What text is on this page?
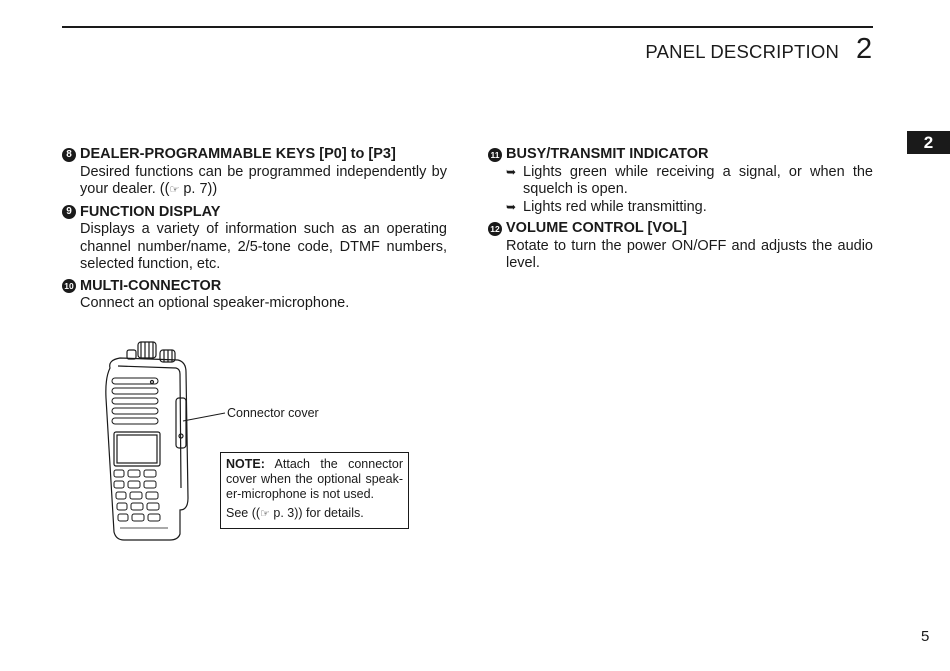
PANEL DESCRIPTION 2
2
8 DEALER-PROGRAMMABLE KEYS [P0] to [P3]
Desired functions can be programmed independently by your dealer. ((☞ p. 7))
9 FUNCTION DISPLAY
Displays a variety of information such as an operating channel number/name, 2/5-tone code, DTMF numbers, selected function, etc.
10 MULTI-CONNECTOR
Connect an optional speaker-microphone.
11 BUSY/TRANSMIT INDICATOR
➥ Lights green while receiving a signal, or when the squelch is open.
➥ Lights red while transmitting.
12 VOLUME CONTROL [VOL]
Rotate to turn the power ON/OFF and adjusts the audio level.
Connector cover
NOTE: Attach the connector cover when the optional speak-er-microphone is not used.
See ((☞ p. 3)) for details.
5
